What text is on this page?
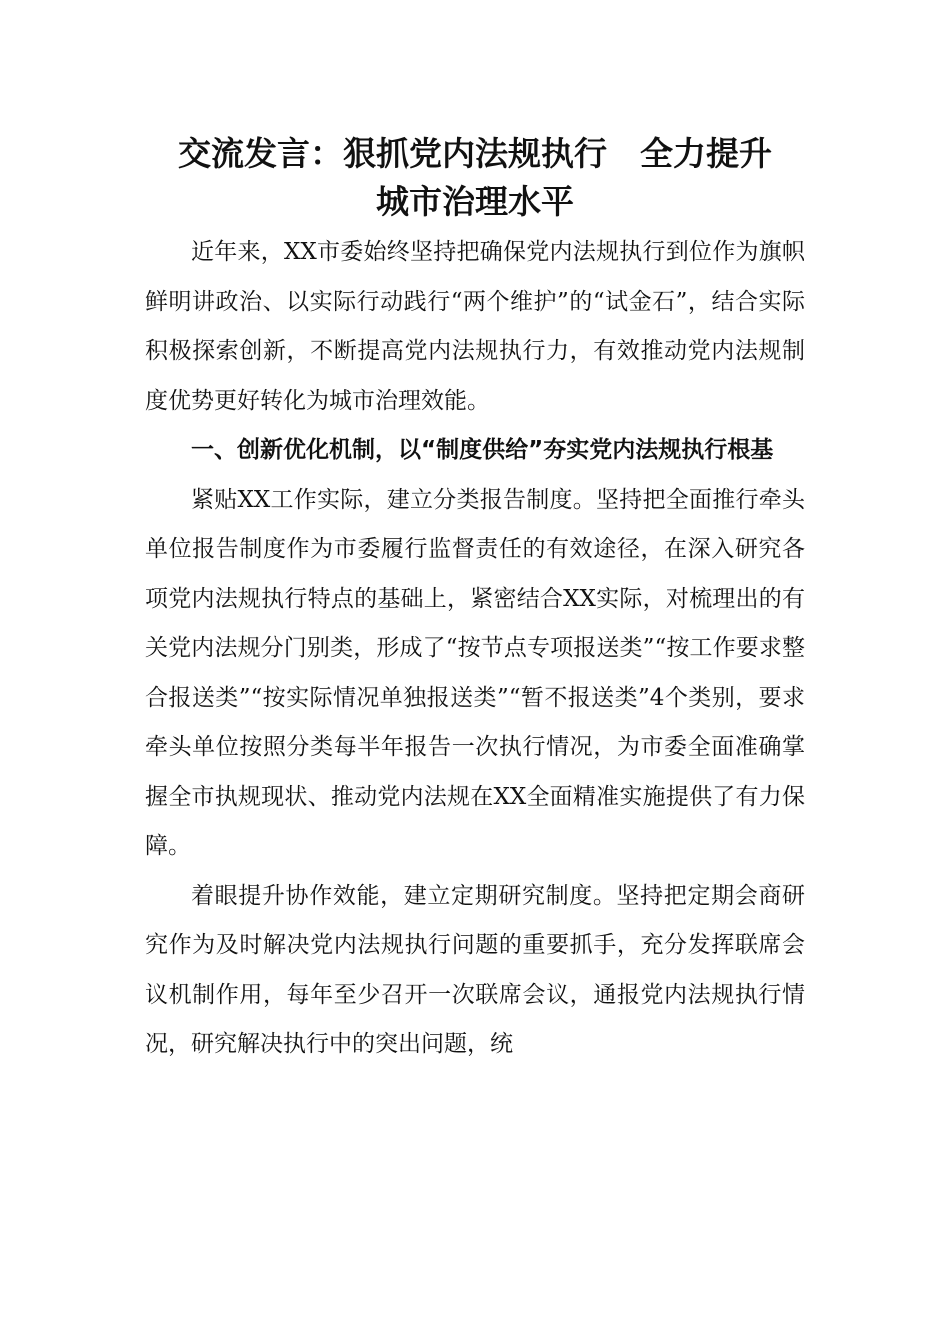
交流发言：狠抓党内法规执行　全力提升
城市治理水平

近年来，XX市委始终坚持把确保党内法规执行到位作为旗帜鲜明讲政治、以实际行动践行“两个维护”的“试金石”，结合实际积极探索创新，不断提高党内法规执行力，有效推动党内法规制度优势更好转化为城市治理效能。

一、创新优化机制，以“制度供给”夯实党内法规执行根基

紧贴XX工作实际，建立分类报告制度。坚持把全面推行牵头单位报告制度作为市委履行监督责任的有效途径，在深入研究各项党内法规执行特点的基础上，紧密结合XX实际，对梳理出的有关党内法规分门别类，形成了“按节点专项报送类”“按工作要求整合报送类”“按实际情况单独报送类”“暂不报送类”4个类别，要求牵头单位按照分类每半年报告一次执行情况，为市委全面准确掌握全市执规现状、推动党内法规在XX全面精准实施提供了有力保障。

着眼提升协作效能，建立定期研究制度。坚持把定期会商研究作为及时解决党内法规执行问题的重要抓手，充分发挥联席会议机制作用，每年至少召开一次联席会议，通报党内法规执行情况，研究解决执行中的突出问题，统
